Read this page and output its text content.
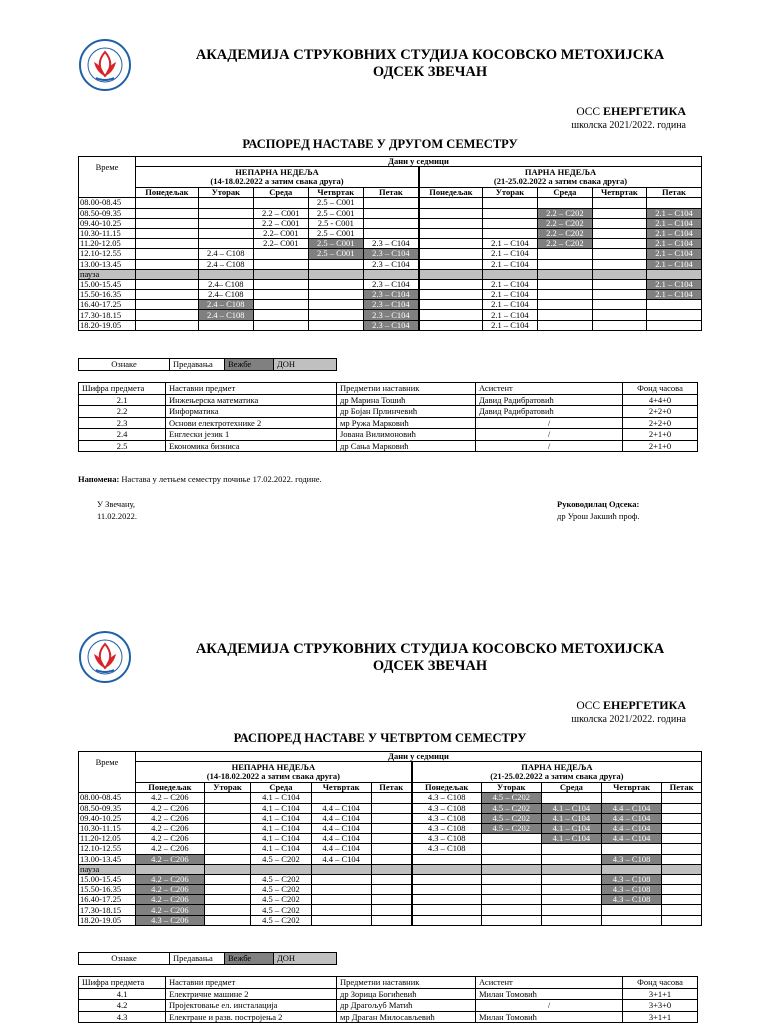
АКАДЕМИЈА СТРУКОВНИХ СТУДИЈА КОСОВСКО МЕТОХИЈСКА
ОДСЕК ЗВЕЧАН
ОСС ЕНЕРГЕТИКА
школска 2021/2022. година
РАСПОРЕД НАСТАВЕ У ДРУГОМ СЕМЕСТРУ
Време	Дани у седмици									
	НЕПАРНА НЕДЕЉА
(14-18.02.2022 а затим свака друга)					ПАРНА НЕДЕЉА
(21-25.02.2022 а затим свака друга)				
	Понедељак	Уторак	Среда	Четвртак	Петак	Понедељак	Уторак	Среда	Четвртак	Петак
08.00-08.45				2.5 – C001						
08.50-09.35			2.2 – C001	2.5 – C001				2.2 – C202		2.1 – C104
09.40-10.25			2.2 – C001	2.5 - C001				2.2 – C202		2.1 – C104
10.30-11.15			2.2– C001	2.5 – C001				2.2 – C202		2.1 – C104
11.20-12.05			2.2– C001	2.5 – C001	2.3 – C104		2.1 – C104	2.2 – C202		2.1 – C104
12.10-12.55		2.4 – C108		2.5 – C001	2.3 – C104		2.1 – C104			2.1 – C104
13.00-13.45		2.4 – C108			2.3 – C104		2.1 – C104			2.1 – C104
пауза										
15.00-15.45		2.4– C108			2.3 – C104		2.1 – C104			2.1 – C104
15.50-16.35		2.4– C108			2.3 – C104		2.1 – C104			2.1 – C104
16.40-17.25		2.4 – C108			2.3 – C104		2.1 – C104			
17.30-18.15		2.4 – C108			2.3 – C104		2.1 – C104			
18.20-19.05					2.3 – C104		2.1 – C104			
Ознаке	Предавања	Вежбе	ДОН
Шифра предмета	Наставни предмет	Предметни наставник	Асистент	Фонд часова
2.1	Инжењерска математика	др Марина Тошић	Давид Радибратовић	4+4+0
2.2	Информатика	др Бојан Прлинчевић	Давид Радибратовић	2+2+0
2.3	Основи електротехнике 2	мр Ружа Марковић	/	2+2+0
2.4	Енглески језик 1	Јована Вилимоновић	/	2+1+0
2.5	Економика бизниса	др Сања Марковић	/	2+1+0
Напомена: Настава у летњем семестру почиње 17.02.2022. године.
У Звечану,
11.02.2022.
Руководилац Одсека:
др Урош Јакшић проф.
АКАДЕМИЈА СТРУКОВНИХ СТУДИЈА КОСОВСКО МЕТОХИЈСКА
ОДСЕК ЗВЕЧАН
ОСС ЕНЕРГЕТИКА
школска 2021/2022. година
РАСПОРЕД НАСТАВЕ У ЧЕТВРТОМ СЕМЕСТРУ
Време	Дани у седмици									
	НЕПАРНА НЕДЕЉА
(14-18.02.2022 а затим свака друга)					ПАРНА НЕДЕЉА
(21-25.02.2022 а затим свака друга)				
	Понедељак	Уторак	Среда	Четвртак	Петак	Понедељак	Уторак	Среда	Четвртак	Петак
08.00-08.45	4.2 – C206		4.1 – C104			4.3 – C108	4.5 – C202			
08.50-09.35	4.2 – C206		4.1 – C104	4.4 – C104		4.3 – C108	4.5 – C202	4.1 – C104	4.4 – C104	
09.40-10.25	4.2 – C206		4.1 – C104	4.4 – C104		4.3 – C108	4.5 – C202	4.1 – C104	4.4 – C104	
10.30-11.15	4.2 – C206		4.1 – C104	4.4 – C104		4.3 – C108	4.5 – C202	4.1 – C104	4.4 – C104	
11.20-12.05	4.2 – C206		4.1 – C104	4.4 – C104		4.3 – C108		4.1 – C104	4.4 – C104	
12.10-12.55	4.2 – C206		4.1 – C104	4.4 – C104		4.3 – C108				
13.00-13.45	4.2 – C206		4.5 – C202	4.4 – C104					4.3 – C108	
пауза										
15.00-15.45	4.2 – C206		4.5 – C202						4.3 – C108	
15.50-16.35	4.2 – C206		4.5 – C202						4.3 – C108	
16.40-17.25	4.2 – C206		4.5 – C202						4.3 – C108	
17.30-18.15	4.2 – C206		4.5 – C202							
18.20-19.05	4.3 – C206		4.5 – C202							
Ознаке	Предавања	Вежбе	ДОН
Шифра предмета	Наставни предмет	Предметни наставник	Асистент	Фонд часова
4.1	Електричне машине 2	др Зорица Богићевић	Милан Томовић	3+1+1
4.2	Пројектовање ел. инсталација	др Драгољуб Матић	/	3+3+0
4.3	Електране и разв. постројења 2	мр Драган Милосављевић	Милан Томовић	3+1+1
